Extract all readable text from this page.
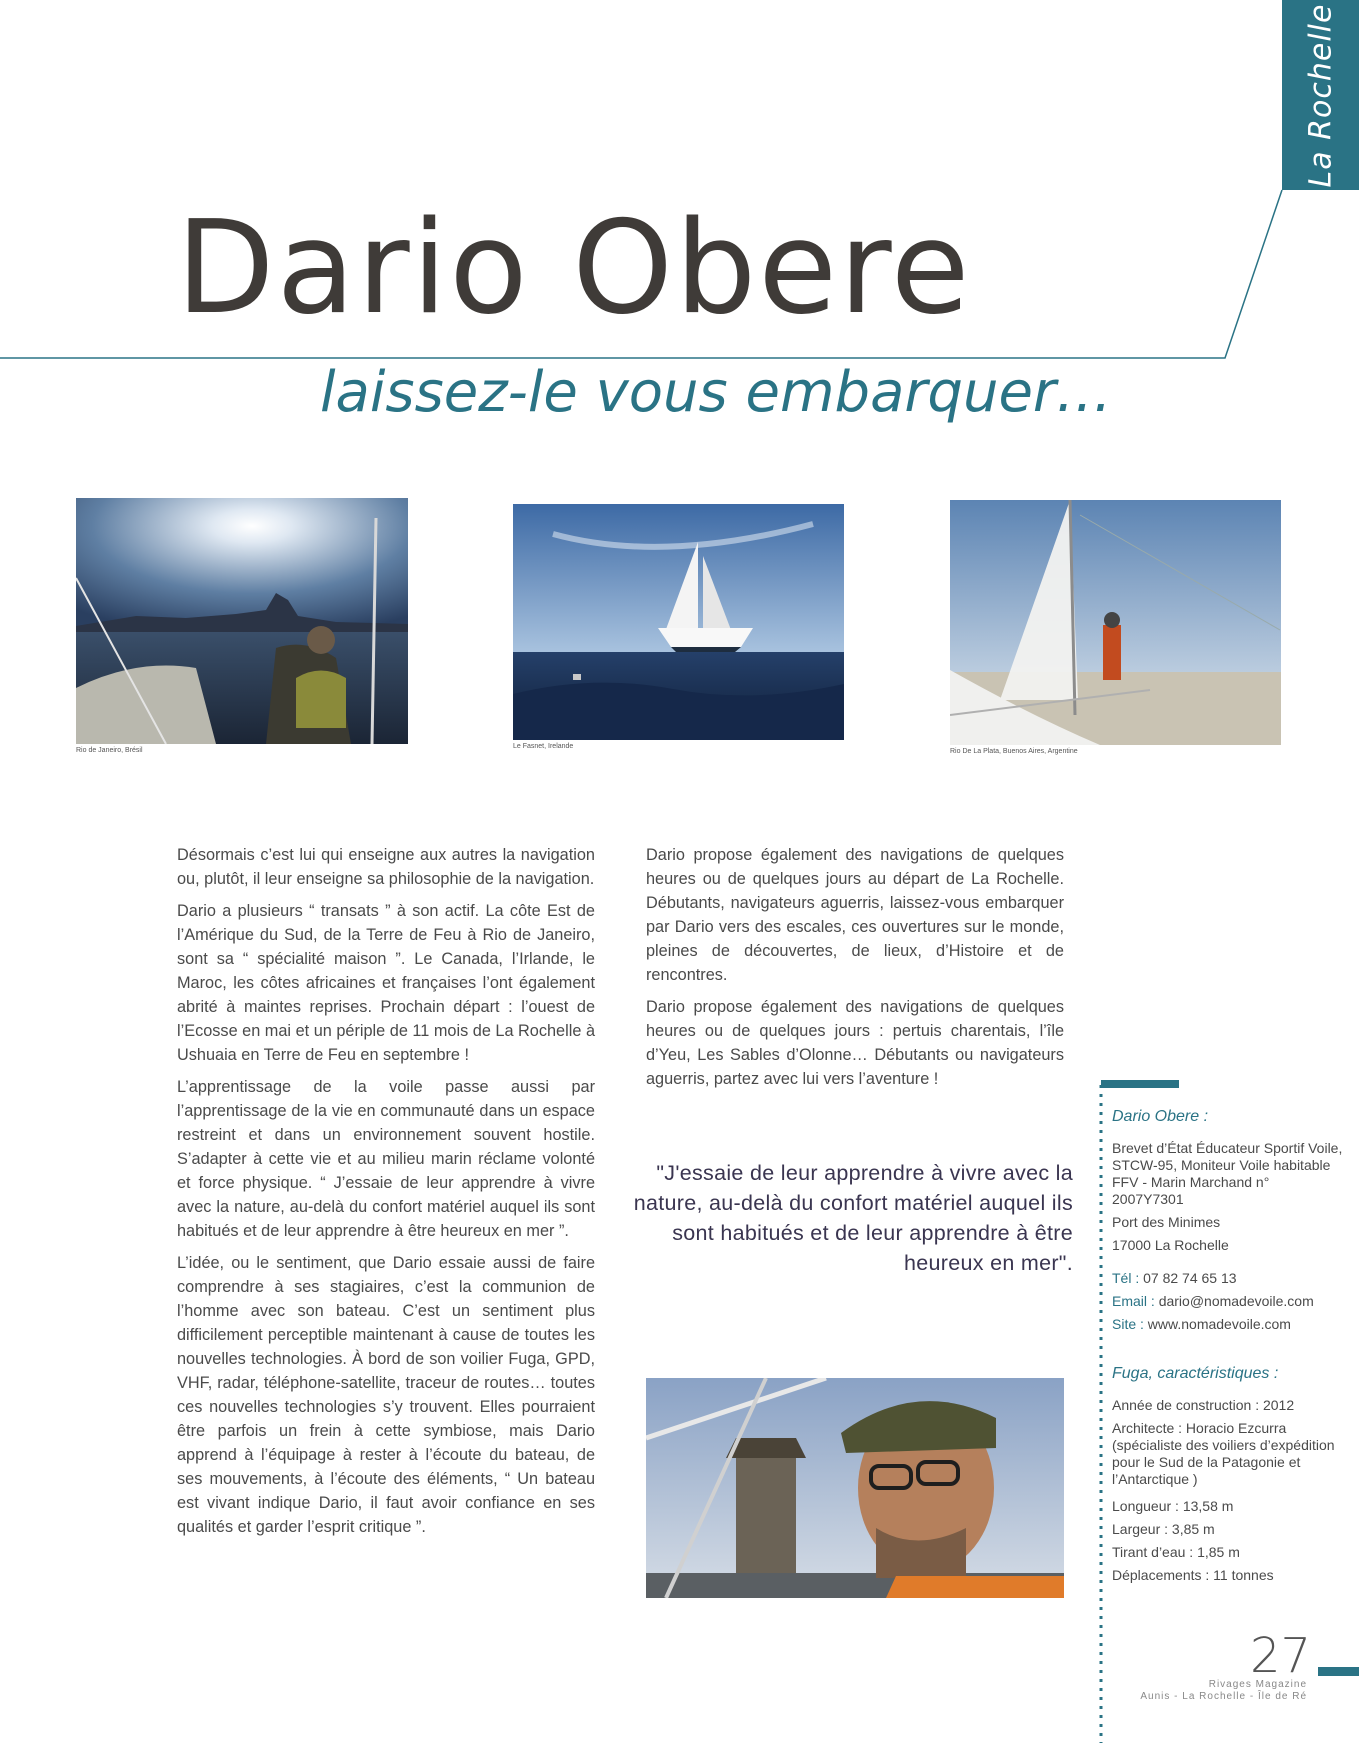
La Rochelle
Dario Obere
laissez-le vous embarquer…
Rio de Janeiro, Brésil
Le Fasnet, Irelande
Rio De La Plata, Buenos Aires, Argentine

Désormais c’est lui qui enseigne aux autres la navigation ou, plutôt, il leur enseigne sa philosophie de la navigation.

Dario a plusieurs “ transats ” à son actif. La côte Est de l’Amérique du Sud, de la Terre de Feu à Rio de Janeiro, sont sa “ spécialité maison ”. Le Canada, l’Irlande, le Maroc, les côtes africaines et françaises l’ont également abrité à maintes reprises. Prochain départ : l’ouest de l’Ecosse en mai et un périple de 11 mois de La Rochelle à Ushuaia en Terre de Feu en septembre !

L’apprentissage de la voile passe aussi par l’apprentissage de la vie en communauté dans un espace restreint et dans un environnement souvent hostile. S’adapter à cette vie et au milieu marin réclame volonté et force physique. “ J’essaie de leur apprendre à vivre avec la nature, au-delà du confort matériel auquel ils sont habitués et de leur apprendre à être heureux en mer ”.

L’idée, ou le sentiment, que Dario essaie aussi de faire comprendre à ses stagiaires, c’est la communion de l’homme avec son bateau. C’est un sentiment plus difficilement perceptible maintenant à cause de toutes les nouvelles technologies. À bord de son voilier Fuga, GPD, VHF, radar, téléphone-satellite, traceur de routes… toutes ces nouvelles technologies s’y trouvent. Elles pourraient être parfois un frein à cette symbiose, mais Dario apprend à l’équipage à rester à l’écoute du bateau, de ses mouvements, à l’écoute des éléments, “ Un bateau est vivant indique Dario, il faut avoir confiance en ses qualités et garder l’esprit critique ”.

Dario propose également des navigations de quelques heures ou de quelques jours au départ de La Rochelle. Débutants, navigateurs aguerris, laissez-vous embarquer par Dario vers des escales, ces ouvertures sur le monde, pleines de découvertes, de lieux, d’Histoire et de rencontres.

Dario propose également des navigations de quelques heures ou de quelques jours : pertuis charentais, l’île d’Yeu, Les Sables d’Olonne… Débutants ou navigateurs aguerris, partez avec lui vers l’aventure !

"J'essaie de leur apprendre à vivre avec la nature, au-delà du confort matériel auquel ils sont habitués et de leur apprendre à être heureux en mer".
Dario Obere :
Brevet d’État Éducateur Sportif Voile, STCW-95, Moniteur Voile habitable FFV - Marin Marchand n° 2007Y7301
Port des Minimes
17000 La Rochelle
Tél : 07 82 74 65 13
Email : dario@nomadevoile.com
Site : www.nomadevoile.com
Fuga, caractéristiques :
Année de construction : 2012
Architecte : Horacio Ezcurra (spécialiste des voiliers d’expédition pour le Sud de la Patagonie et l’Antarctique )
Longueur : 13,58 m
Largeur : 3,85 m
Tirant d’eau : 1,85 m
Déplacements : 11 tonnes
27
Rivages Magazine
Aunis - La Rochelle - Île de Ré
